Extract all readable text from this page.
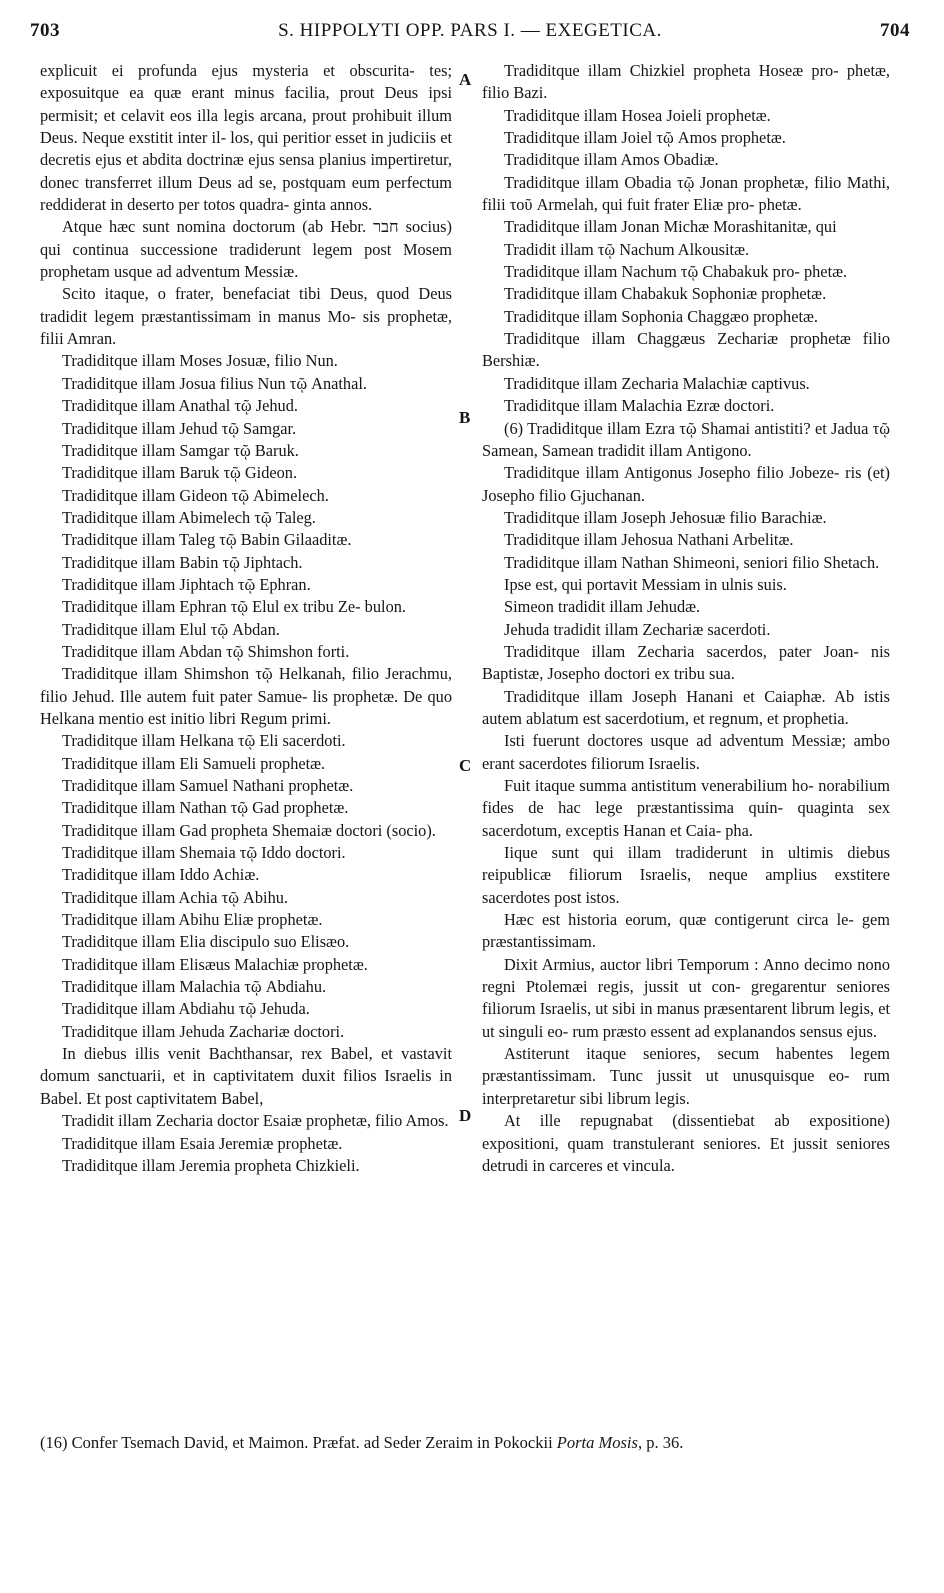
703	S. HIPPOLYTI OPP. PARS I. — EXEGETICA.	704

explicuit ei profunda ejus mysteria et obscurita- tes; exposuitque ea quæ erant minus facilia, prout Deus ipsi permisit; et celavit eos illa legis arcana, prout prohibuit illum Deus. Neque exstitit inter il- los, qui peritior esset in judiciis et decretis ejus et abdita doctrinæ ejus sensa planius impertiretur, donec transferret illum Deus ad se, postquam eum perfectum reddiderat in deserto per totos quadra- ginta annos.

Atque hæc sunt nomina doctorum (ab Hebr. חבר socius) qui continua successione tradiderunt legem post Mosem prophetam usque ad adventum Messiæ.

Scito itaque, o frater, benefaciat tibi Deus, quod Deus tradidit legem præstantissimam in manus Mo- sis prophetæ, filii Amran.

Tradiditque illam Moses Josuæ, filio Nun.

Tradiditque illam Josua filius Nun τῷ Anathal.

Tradiditque illam Anathal τῷ Jehud.

Tradiditque illam Jehud τῷ Samgar.

Tradiditque illam Samgar τῷ Baruk.

Tradiditque illam Baruk τῷ Gideon.

Tradiditque illam Gideon τῷ Abimelech.

Tradiditque illam Abimelech τῷ Taleg.

Tradiditque illam Taleg τῷ Babin Gilaaditæ.

Tradiditque illam Babin τῷ Jiphtach.

Tradiditque illam Jiphtach τῷ Ephran.

Tradiditque illam Ephran τῷ Elul ex tribu Ze- bulon.

Tradiditque illam Elul τῷ Abdan.

Tradiditque illam Abdan τῷ Shimshon forti.

Tradiditque illam Shimshon τῷ Helkanah, filio Jerachmu, filio Jehud. Ille autem fuit pater Samue- lis prophetæ. De quo Helkana mentio est initio libri Regum primi.

Tradiditque illam Helkana τῷ Eli sacerdoti.

Tradiditque illam Eli Samueli prophetæ.

Tradiditque illam Samuel Nathani prophetæ.

Tradiditque illam Nathan τῷ Gad prophetæ.

Tradiditque illam Gad propheta Shemaiæ doctori (socio).

Tradiditque illam Shemaia τῷ Iddo doctori.

Tradiditque illam Iddo Achiæ.

Tradiditque illam Achia τῷ Abihu.

Tradiditque illam Abihu Eliæ prophetæ.

Tradiditque illam Elia discipulo suo Elisæo.

Tradiditque illam Elisæus Malachiæ prophetæ.

Tradiditque illam Malachia τῷ Abdiahu.

Tradiditque illam Abdiahu τῷ Jehuda.

Tradiditque illam Jehuda Zachariæ doctori.

In diebus illis venit Bachthansar, rex Babel, et vastavit domum sanctuarii, et in captivitatem duxit filios Israelis in Babel. Et post captivitatem Babel,

Tradidit illam Zecharia doctor Esaiæ prophetæ, filio Amos.

Tradiditque illam Esaia Jeremiæ prophetæ.

Tradiditque illam Jeremia propheta Chizkieli.

Tradiditque illam Chizkiel propheta Hoseæ pro- phetæ, filio Bazi.

Tradiditque illam Hosea Joieli prophetæ.

Tradiditque illam Joiel τῷ Amos prophetæ.

Tradiditque illam Amos Obadiæ.

Tradiditque illam Obadia τῷ Jonan prophetæ, filio Mathi, filii τοῦ Armelah, qui fuit frater Eliæ pro- phetæ.

Tradiditque illam Jonan Michæ Morashitanitæ, qui

Tradidit illam τῷ Nachum Alkousitæ.

Tradiditque illam Nachum τῷ Chabakuk pro- phetæ.

Tradiditque illam Chabakuk Sophoniæ prophetæ.

Tradiditque illam Sophonia Chaggæo prophetæ.

Tradiditque illam Chaggæus Zechariæ prophetæ filio Bershiæ.

Tradiditque illam Zecharia Malachiæ captivus.

Tradiditque illam Malachia Ezræ doctori.

(6) Tradiditque illam Ezra τῷ Shamai antistiti? et Jadua τῷ Samean, Samean tradidit illam Antigono.

Tradiditque illam Antigonus Josepho filio Jobeze- ris (et) Josepho filio Gjuchanan.

Tradiditque illam Joseph Jehosuæ filio Barachiæ.

Tradiditque illam Jehosua Nathani Arbelitæ.

Tradiditque illam Nathan Shimeoni, seniori filio Shetach.

Ipse est, qui portavit Messiam in ulnis suis.

Simeon tradidit illam Jehudæ.

Jehuda tradidit illam Zechariæ sacerdoti.

Tradiditque illam Zecharia sacerdos, pater Joan- nis Baptistæ, Josepho doctori ex tribu sua.

Tradiditque illam Joseph Hanani et Caiaphæ. Ab istis autem ablatum est sacerdotium, et regnum, et prophetia.

Isti fuerunt doctores usque ad adventum Messiæ; ambo erant sacerdotes filiorum Israelis.

Fuit itaque summa antistitum venerabilium ho- norabilium fides de hac lege præstantissima quin- quaginta sex sacerdotum, exceptis Hanan et Caia- pha.

Iique sunt qui illam tradiderunt in ultimis diebus reipublicæ filiorum Israelis, neque amplius exstitere sacerdotes post istos.

Hæc est historia eorum, quæ contigerunt circa le- gem præstantissimam.

Dixit Armius, auctor libri Temporum : Anno decimo nono regni Ptolemæi regis, jussit ut con- gregarentur seniores filiorum Israelis, ut sibi in manus præsentarent librum legis, et ut singuli eo- rum præsto essent ad explanandos sensus ejus.

Astiterunt itaque seniores, secum habentes legem præstantissimam. Tunc jussit ut unusquisque eo- rum interpretaretur sibi librum legis.

At ille repugnabat (dissentiebat ab expositione) expositioni, quam transtulerant seniores. Et jussit seniores detrudi in carceres et vincula.

A
B
C
D
(16) Confer Tsemach David, et Maimon. Præfat. ad Seder Zeraim in Pokockii Porta Mosis, p. 36.
